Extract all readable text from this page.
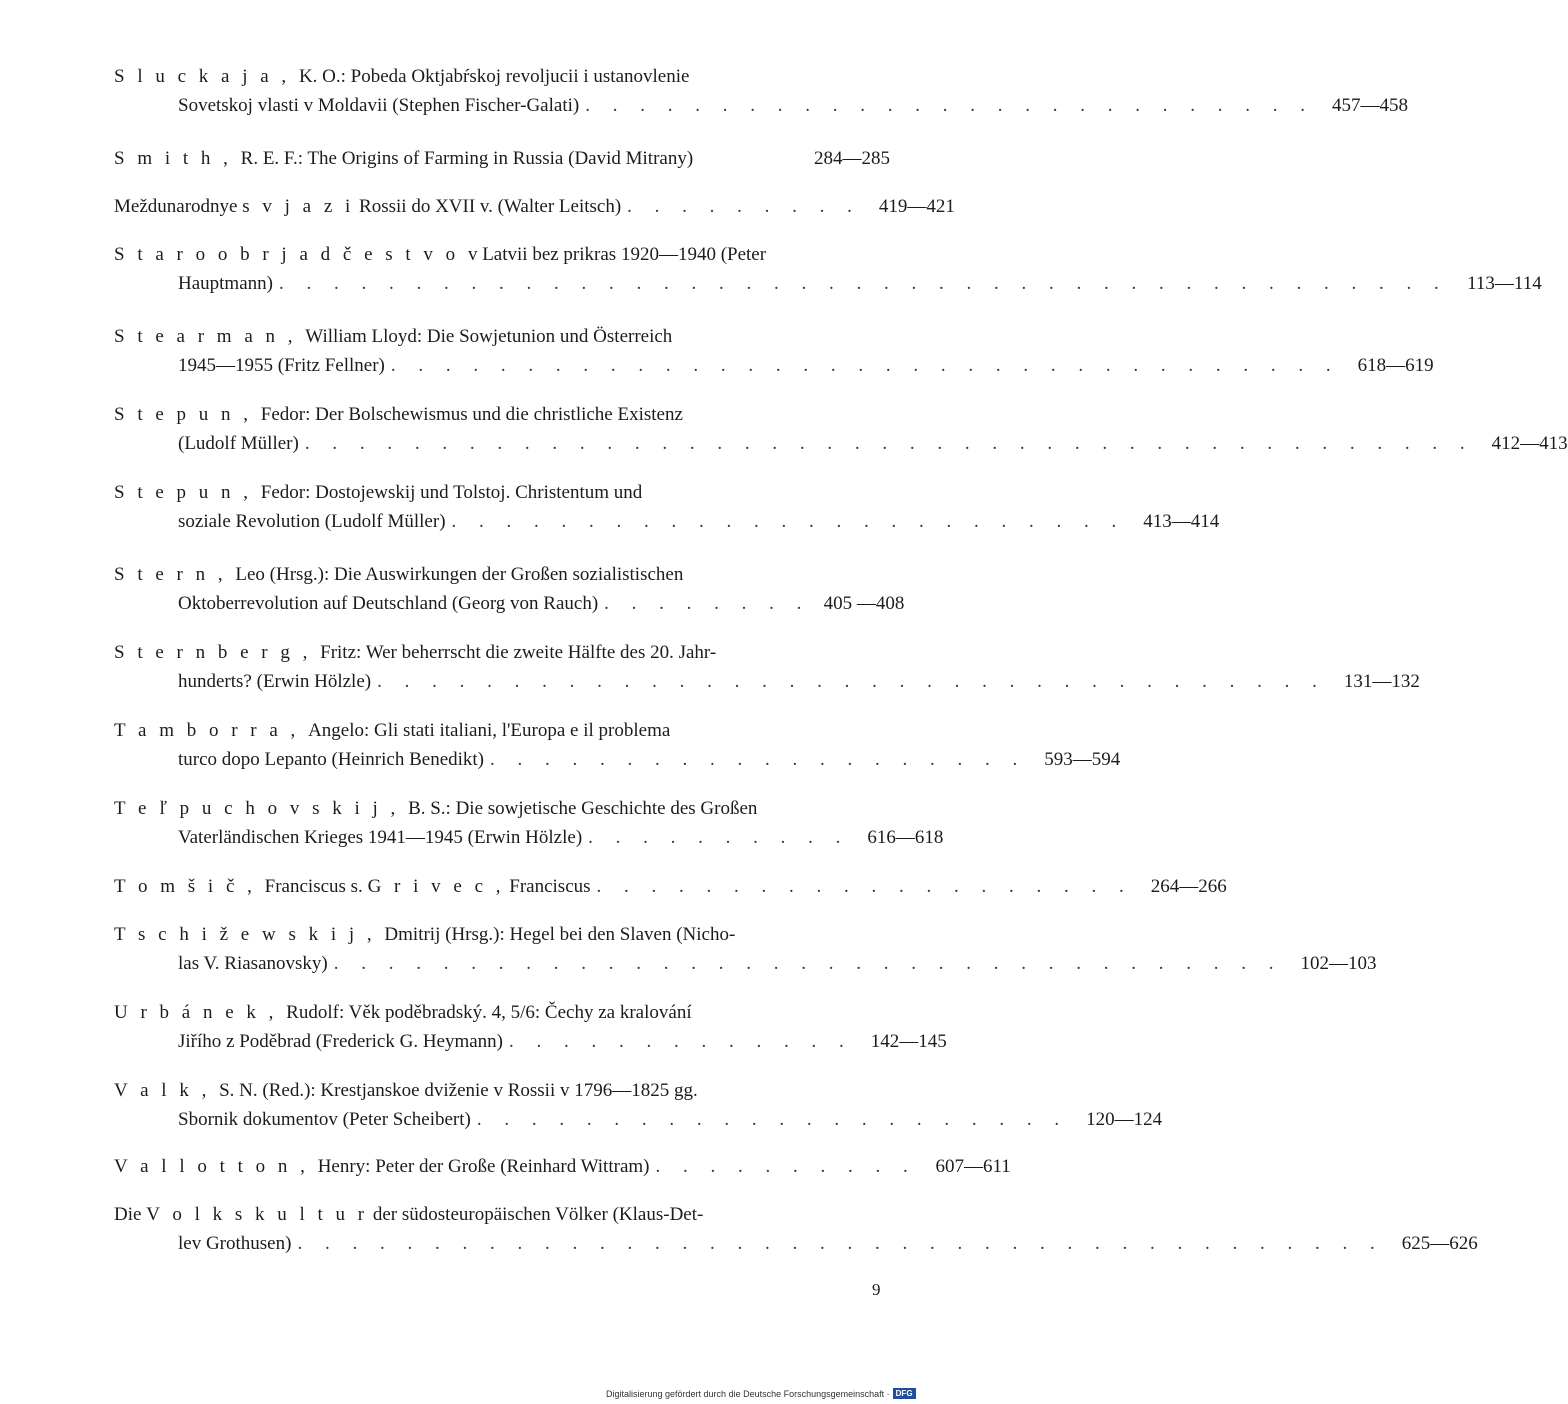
S l u c k a j a , K. O.: Pobeda Oktjabŕskoj revoljucii i ustanovlenie
Sovetskoj vlasti v Moldavii (Stephen Fischer-Galati) . . . . . . . . . . . . . . . . . . . . . . . . . . . 457—458
S m i t h , R. E. F.: The Origins of Farming in Russia (David Mitrany)	284—285
Meždunarodnye s v j a z i Rossii do XVII v. (Walter Leitsch) . . . . . . . . . 419—421
S t a r o o b r j a d č e s t v o v Latvii bez prikras 1920—1940 (Peter
Hauptmann) . . . . . . . . . . . . . . . . . . . . . . . . . . . . . . . . . . . . . . . . . . .	113—114
S t e a r m a n , William Lloyd: Die Sowjetunion und Österreich
1945—1955 (Fritz Fellner) . . . . . . . . . . . . . . . . . . . . . . . . . . . . . . . . . . . 618—619
S t e p u n , Fedor: Der Bolschewismus und die christliche Existenz
(Ludolf Müller) . . . . . . . . . . . . . . . . . . . . . . . . . . . . . . . . . . . . . . . . . . . 412—413
S t e p u n , Fedor: Dostojewskij und Tolstoj. Christentum und
soziale Revolution (Ludolf Müller) . . . . . . . . . . . . . . . . . . . . . . . . . 413—414
S t e r n , Leo (Hrsg.): Die Auswirkungen der Großen sozialistischen
Oktoberrevolution auf Deutschland (Georg von Rauch) . . . . . . . . 405 —408
S t e r n b e r g , Fritz: Wer beherrscht die zweite Hälfte des 20. Jahr-
hunderts? (Erwin Hölzle) . . . . . . . . . . . . . . . . . . . . . . . . . . . . . . . . . . . 131—132
T a m b o r r a , Angelo: Gli stati italiani, l'Europa e il problema
turco dopo Lepanto (Heinrich Benedikt) . . . . . . . . . . . . . . . . . . . . 593—594
T e ľ p u c h o v s k i j , B. S.: Die sowjetische Geschichte des Großen
Vaterländischen Krieges 1941—1945 (Erwin Hölzle) . . . . . . . . . . 616—618
T o m š i č , Franciscus s. G r i v e c , Franciscus . . . . . . . . . . . . . . . . . . . . 264—266
T s c h i ž e w s k i j , Dmitrij (Hrsg.): Hegel bei den Slaven (Nicho-
las V. Riasanovsky) . . . . . . . . . . . . . . . . . . . . . . . . . . . . . . . . . . . 102—103
U r b á n e k , Rudolf: Věk poděbradský. 4, 5/6: Čechy za kralování
Jiřího z Poděbrad (Frederick G. Heymann) . . . . . . . . . . . . . 142—145
V a l k , S. N. (Red.): Krestjanskoe dviženie v Rossii v 1796—1825 gg.
Sbornik dokumentov (Peter Scheibert) . . . . . . . . . . . . . . . . . . . . . . 120—124
V a l l o t t o n , Henry: Peter der Große (Reinhard Wittram) . . . . . . . . . . 607—611
Die V o l k s k u l t u r der südosteuropäischen Völker (Klaus-Det-
lev Grothusen) . . . . . . . . . . . . . . . . . . . . . . . . . . . . . . . . . . . . . . . . 625—626
9
Digitalisierung gefördert durch die Deutsche Forschungsgemeinschaft · DFG
